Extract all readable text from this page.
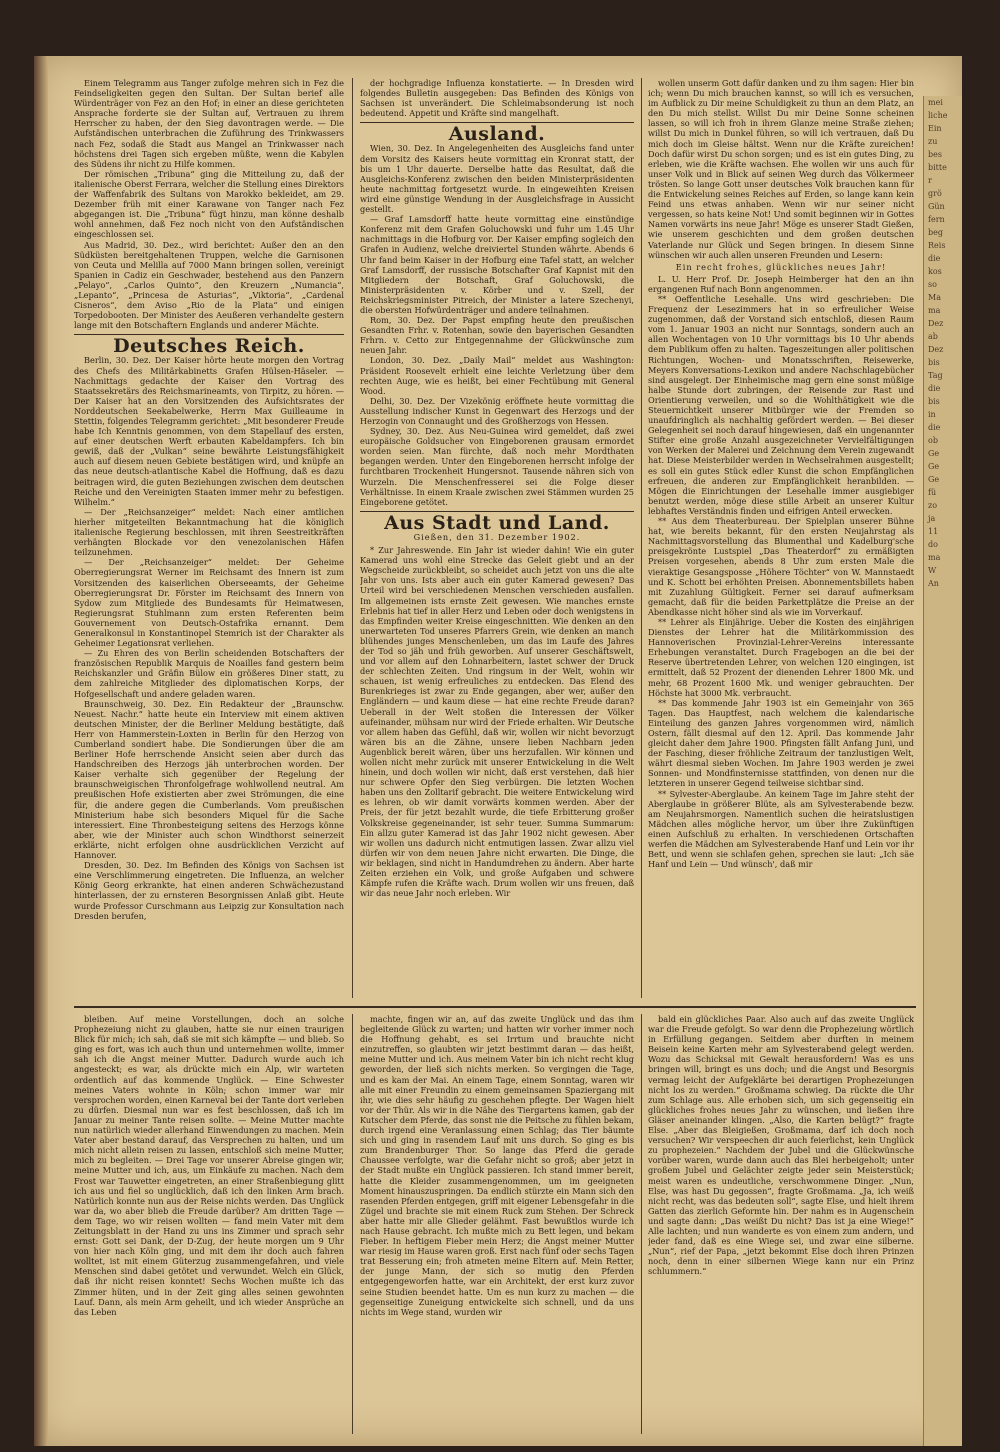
Einem Telegramm aus Tanger zufolge mehren sich in Fez die Feindseligkeiten gegen den Sultan. Der Sultan berief alle Würdenträger von Fez an den Hof; in einer an diese gerichteten Ansprache forderte sie der Sultan auf, Vertrauen zu ihrem Herrscher zu haben, der den Sieg davontragen werde. — Die Aufständischen unterbrachen die Zuführung des Trinkwassers nach Fez, sodaß die Stadt aus Mangel an Trinkwasser nach höchstens drei Tagen sich ergeben müßte, wenn die Kabylen des Südens ihr nicht zu Hilfe kommen.

Der römischen „Tribuna“ ging die Mitteilung zu, daß der italienische Oberst Ferrara, welcher die Stellung eines Direktors der Waffenfabrik des Sultans von Marokko bekleidet, am 29. Dezember früh mit einer Karawane von Tanger nach Fez abgegangen ist. Die „Tribuna“ fügt hinzu, man könne deshalb wohl annehmen, daß Fez noch nicht von den Aufständischen eingeschlossen sei.

Aus Madrid, 30. Dez., wird berichtet: Außer den an den Südküsten bereitgehaltenen Truppen, welche die Garnisonen von Ceuta und Melilla auf 7000 Mann bringen sollen, vereinigt Spanien in Cadiz ein Geschwader, bestehend aus den Panzern „Pelayo“, „Carlos Quinto“, den Kreuzern „Numancia“, „Lepanto“, „Princesa de Asturias“, „Viktoria“, „Cardenal Cisneros“, dem Aviso „Rio de la Plata“ und einigen Torpedobooten. Der Minister des Aeußeren verhandelte gestern lange mit den Botschaftern Englands und anderer Mächte.

Deutsches Reich.

Berlin, 30. Dez. Der Kaiser hörte heute morgen den Vortrag des Chefs des Militärkabinetts Grafen Hülsen-Häseler. — Nachmittags gedachte der Kaiser den Vortrag des Staatssekretärs des Reichsmarineamts, von Tirpitz, zu hören. — Der Kaiser hat an den Vorsitzenden des Aufsichtsrates der Norddeutschen Seekabelwerke, Herrn Max Guilleaume in Stettin, folgendes Telegramm gerichtet: „Mit besonderer Freude habe Ich Kenntnis genommen, von dem Stapellauf des ersten, auf einer deutschen Werft erbauten Kabeldampfers. Ich bin gewiß, daß der „Vulkan“ seine bewährte Leistungsfähigkeit auch auf diesem neuen Gebiete bestätigen wird, und knüpfe an das neue deutsch-atlantische Kabel die Hoffnung, daß es dazu beitragen wird, die guten Beziehungen zwischen dem deutschen Reiche und den Vereinigten Staaten immer mehr zu befestigen. Wilhelm.“

— Der „Reichsanzeiger“ meldet: Nach einer amtlichen hierher mitgeteilten Bekanntmachung hat die königlich italienische Regierung beschlossen, mit ihren Seestreitkräften verhängten Blockade vor den venezolanischen Häfen teilzunehmen.

— Der „Reichsanzeiger“ meldet: Der Geheime Oberregierungsrat Werner im Reichsamt des Innern ist zum Vorsitzenden des kaiserlichen Oberseeamts, der Geheime Oberregierungsrat Dr. Förster im Reichsamt des Innern von Sydow zum Mitgliede des Bundesamts für Heimatwesen, Regierungsrat Stuhlmann zum ersten Referenten beim Gouvernement von Deutsch-Ostafrika ernannt. Dem Generalkonsul in Konstantinopel Stemrich ist der Charakter als Geheimer Legationsrat verliehen.

— Zu Ehren des von Berlin scheidenden Botschafters der französischen Republik Marquis de Noailles fand gestern beim Reichskanzler und Gräfin Bülow ein größeres Diner statt, zu dem zahlreiche Mitglieder des diplomatischen Korps, der Hofgesellschaft und andere geladen waren.

Braunschweig, 30. Dez. Ein Redakteur der „Braunschw. Neuest. Nachr.“ hatte heute ein Interview mit einem aktiven deutschen Minister, der die Berliner Meldung bestätigte, daß Herr von Hammerstein-Loxten in Berlin für den Herzog von Cumberland sondiert habe. Die Sondierungen über die am Berliner Hofe herrschende Ansicht seien aber durch das Handschreiben des Herzogs jäh unterbrochen worden. Der Kaiser verhalte sich gegenüber der Regelung der braunschweigischen Thronfolgefrage wohlwollend neutral. Am preußischen Hofe existierten aber zwei Strömungen, die eine für, die andere gegen die Cumberlands. Vom preußischen Ministerium habe sich besonders Miquel für die Sache interessiert. Eine Thronbesteigung seitens des Herzogs könne aber, wie der Minister auch schon Windthorst seinerzeit erklärte, nicht erfolgen ohne ausdrücklichen Verzicht auf Hannover.

Dresden, 30. Dez. Im Befinden des Königs von Sachsen ist eine Verschlimmerung eingetreten. Die Influenza, an welcher König Georg erkrankte, hat einen anderen Schwächezustand hinterlassen, der zu ernsteren Besorgnissen Anlaß gibt. Heute wurde Professor Curschmann aus Leipzig zur Konsultation nach Dresden berufen,

der hochgradige Influenza konstatierte. — In Dresden wird folgendes Bulletin ausgegeben: Das Befinden des Königs von Sachsen ist unverändert. Die Schleimabsonderung ist noch bedeutend. Appetit und Kräfte sind mangelhaft.

Ausland.

Wien, 30. Dez. In Angelegenheiten des Ausgleichs fand unter dem Vorsitz des Kaisers heute vormittag ein Kronrat statt, der bis um 1 Uhr dauerte. Derselbe hatte das Resultat, daß die Ausgleichs-Konferenz zwischen den beiden Ministerpräsidenten heute nachmittag fortgesetzt wurde. In eingeweihten Kreisen wird eine günstige Wendung in der Ausgleichsfrage in Aussicht gestellt.

— Graf Lamsdorff hatte heute vormittag eine einstündige Konferenz mit dem Grafen Goluchowski und fuhr um 1.45 Uhr nachmittags in die Hofburg vor. Der Kaiser empfing sogleich den Grafen in Audienz, welche dreiviertel Stunden währte. Abends 6 Uhr fand beim Kaiser in der Hofburg eine Tafel statt, an welcher Graf Lamsdorff, der russische Botschafter Graf Kapnist mit den Mitgliedern der Botschaft, Graf Goluchowski, die Ministerpräsidenten v. Körber und v. Szell, der Reichskriegsminister Pitreich, der Minister a latere Szechenyi, die obersten Hofwürdenträger und andere teilnahmen.

Rom, 30. Dez. Der Papst empfing heute den preußischen Gesandten Frhr. v. Rotenhan, sowie den bayerischen Gesandten Frhrn. v. Cetto zur Entgegennahme der Glückwünsche zum neuen Jahr.

London, 30. Dez. „Daily Mail“ meldet aus Washington: Präsident Roosevelt erhielt eine leichte Verletzung über dem rechten Auge, wie es heißt, bei einer Fechtübung mit General Wood.

Delhi, 30. Dez. Der Vizekönig eröffnete heute vormittag die Ausstellung indischer Kunst in Gegenwart des Herzogs und der Herzogin von Connaught und des Großherzogs von Hessen.

Sydney, 30. Dez. Aus Neu-Guinea wird gemeldet, daß zwei europäische Goldsucher von Eingeborenen grausam ermordet worden seien. Man fürchte, daß noch mehr Mordthaten begangen werden. Unter den Eingeborenen herrscht infolge der furchtbaren Trockenheit Hungersnot. Tausende nähren sich von Wurzeln. Die Menschenfresserei sei die Folge dieser Verhältnisse. In einem Kraale zwischen zwei Stämmen wurden 25 Eingeborene getötet.

Aus Stadt und Land.
Gießen, den 31. Dezember 1902.

* Zur Jahreswende. Ein Jahr ist wieder dahin! Wie ein guter Kamerad uns wohl eine Strecke das Geleit giebt und an der Wegscheide zurückbleibt, so scheidet auch jetzt von uns die alte Jahr von uns. Ists aber auch ein guter Kamerad gewesen? Das Urteil wird bei verschiedenen Menschen verschieden ausfallen. Im allgemeinen ists ernste Zeit gewesen. Wie manches ernste Erlebnis hat tief in aller Herz und Leben oder doch wenigstens in das Empfinden weiter Kreise eingeschnitten. Wie denken an den unerwarteten Tod unseres Pfarrers Grein, wie denken an manch blühendes junges Menschenleben, um das im Laufe des Jahres der Tod so jäh und früh geworben. Auf unserer Geschäftswelt, und vor allem auf den Lohnarbeitern, lastet schwer der Druck der schlechten Zeiten. Und ringsum in der Welt, wohin wir schauen, ist wenig erfreuliches zu entdecken. Das Elend des Burenkrieges ist zwar zu Ende gegangen, aber wer, außer den Engländern — und kaum diese — hat eine rechte Freude daran? Ueberall in der Welt stoßen die Interessen der Völker aufeinander, mühsam nur wird der Friede erhalten. Wir Deutsche vor allem haben das Gefühl, daß wir, wollen wir nicht bevorzugt wären bis an die Zähne, unsere lieben Nachbarn jeden Augenblick bereit wären, über uns herzufallen. Wir können und wollen nicht mehr zurück mit unserer Entwickelung in die Welt hinein, und doch wollen wir nicht, daß erst verstehen, daß hier nur schwere Opfer den Sieg verbürgen. Die letzten Wochen haben uns den Zolltarif gebracht. Die weitere Entwickelung wird es lehren, ob wir damit vorwärts kommen werden. Aber der Preis, der für jetzt bezahlt wurde, die tiefe Erbitterung großer Volkskreise gegeneinander, ist sehr teuer. Summa Summarum: Ein allzu guter Kamerad ist das Jahr 1902 nicht gewesen. Aber wir wollen uns dadurch nicht entmutigen lassen. Zwar allzu viel dürfen wir von dem neuen Jahre nicht erwarten. Die Dinge, die wir beklagen, sind nicht in Handumdrehen zu ändern. Aber harte Zeiten erziehen ein Volk, und große Aufgaben und schwere Kämpfe rufen die Kräfte wach. Drum wollen wir uns freuen, daß wir das neue Jahr noch erleben. Wir

wollen unserm Gott dafür danken und zu ihm sagen: Hier bin ich; wenn Du mich brauchen kannst, so will ich es versuchen, im Aufblick zu Dir meine Schuldigkeit zu thun an dem Platz, an den Du mich stellst. Willst Du mir Deine Sonne scheinen lassen, so will ich froh in ihrem Glanze meine Straße ziehen; willst Du mich in Dunkel führen, so will ich vertrauen, daß Du mich doch im Gleise hältst. Wenn nur die Kräfte zureichen! Doch dafür wirst Du schon sorgen; und es ist ein gutes Ding, zu erleben, wie die Kräfte wachsen. Ehe wollen wir uns auch für unser Volk und in Blick auf seinen Weg durch das Völkermeer trösten. So lange Gott unser deutsches Volk brauchen kann für die Entwickelung seines Reiches auf Erden, so lange kann kein Feind uns etwas anhaben. Wenn wir nur seiner nicht vergessen, so hats keine Not! Und somit beginnen wir in Gottes Namen vorwärts ins neue Jahr! Möge es unserer Stadt Gießen, wie unserem geschichten und dem großen deutschen Vaterlande nur Glück und Segen bringen. In diesem Sinne wünschen wir auch allen unseren Freunden und Lesern:

Ein recht frohes, glückliches neues Jahr!

L. U. Herr Prof. Dr. Joseph Heimberger hat den an ihn ergangenen Ruf nach Bonn angenommen.

** Oeffentliche Lesehalle. Uns wird geschrieben: Die Frequenz der Lesezimmers hat in so erfreulicher Weise zugenommen, daß der Vorstand sich entschloß, diesen Raum vom 1. Januar 1903 an nicht nur Sonntags, sondern auch an allen Wochentagen von 10 Uhr vormittags bis 10 Uhr abends dem Publikum offen zu halten. Tageszeitungen aller politischen Richtungen, Wochen- und Monatsschriften, Reisewerke, Meyers Konversations-Lexikon und andere Nachschlagebücher sind ausgelegt. Der Einheimische mag gern eine sonst müßige halbe Stunde dort zubringen, der Reisende zur Rast und Orientierung verweilen, und so die Wohlthätigkeit wie die Steuernichtkeit unserer Mitbürger wie der Fremden so unaufdringlich als nachhaltig gefördert werden. — Bei dieser Gelegenheit sei noch darauf hingewiesen, daß ein ungenannter Stifter eine große Anzahl ausgezeichneter Vervielfältigungen von Werken der Malerei und Zeichnung dem Verein zugewandt hat. Diese Meisterbilder werden in Wechselrahmen ausgestellt; es soll ein gutes Stück edler Kunst die schon Empfänglichen erfreuen, die anderen zur Empfänglichkeit heranbilden. — Mögen die Einrichtungen der Lesehalle immer ausgiebiger benutzt werden, möge diese stille Arbeit an unserer Kultur lebhaftes Verständnis finden und eifrigen Anteil erwecken.

** Aus dem Theaterbureau. Der Spielplan unserer Bühne hat, wie bereits bekannt, für den ersten Neujahrstag als Nachmittagsvorstellung das Blumenthal und Kadelburg'sche preisgekrönte Lustspiel „Das Theaterdorf“ zu ermäßigten Preisen vorgesehen, abends 8 Uhr zum ersten Male die vieraktige Gesangsposse „Höhere Töchter“ von W. Mannstaedt und K. Schott bei erhöhten Preisen. Abonnementsbillets haben mit Zuzahlung Gültigkeit. Ferner sei darauf aufmerksam gemacht, daß für die beiden Parkettplätze die Preise an der Abendkasse nicht höher sind als wie im Vorverkauf.

** Lehrer als Einjährige. Ueber die Kosten des einjährigen Dienstes der Lehrer hat die Militärkommission des Hannoverischen Provinzial-Lehrer-Vereins interessante Erhebungen veranstaltet. Durch Fragebogen an die bei der Reserve übertretenden Lehrer, von welchen 120 eingingen, ist ermittelt, daß 52 Prozent der dienenden Lehrer 1800 Mk. und mehr, 68 Prozent 1600 Mk. und weniger gebrauchten. Der Höchste hat 3000 Mk. verbraucht.

** Das kommende Jahr 1903 ist ein Gemeinjahr von 365 Tagen. Das Hauptfest, nach welchem die kalendarische Einteilung des ganzen Jahres vorgenommen wird, nämlich Ostern, fällt diesmal auf den 12. April. Das kommende Jahr gleicht daher dem Jahre 1900. Pfingsten fällt Anfang Juni, und der Fasching, dieser fröhliche Zeitraum der tanzlustigen Welt, währt diesmal sieben Wochen. Im Jahre 1903 werden je zwei Sonnen- und Mondfinsternisse stattfinden, von denen nur die letzteren in unserer Gegend teilweise sichtbar sind.

** Sylvester-Aberglaube. An keinem Tage im Jahre steht der Aberglaube in größerer Blüte, als am Sylvesterabende bezw. am Neujahrsmorgen. Namentlich suchen die heiratslustigen Mädchen alles mögliche hervor, um über ihre Zukünftigen einen Aufschluß zu erhalten. In verschiedenen Ortschaften werfen die Mädchen am Sylvesterabende Hanf und Lein vor ihr Bett, und wenn sie schlafen gehen, sprechen sie laut: „Ich säe Hanf und Lein — Und wünsch', daß mir

bleiben. Auf meine Vorstellungen, doch an solche Prophezeiung nicht zu glauben, hatte sie nur einen traurigen Blick für mich; ich sah, daß sie mit sich kämpfte — und blieb. So ging es fort, was ich auch thun und unternehmen wollte, immer sah ich die Angst meiner Mutter. Dadurch wurde auch ich angesteckt; es war, als drückte mich ein Alp, wir warteten ordentlich auf das kommende Unglück. — Eine Schwester meines Vaters wohnte in Köln; schon immer war mir versprochen worden, einen Karneval bei der Tante dort verleben zu dürfen. Diesmal nun war es fest beschlossen, daß ich im Januar zu meiner Tante reisen sollte. — Meine Mutter machte nun natürlich wieder allerhand Einwendungen zu machen. Mein Vater aber bestand darauf, das Versprechen zu halten, und um mich nicht allein reisen zu lassen, entschloß sich meine Mutter, mich zu begleiten. — Drei Tage vor unserer Abreise gingen wir, meine Mutter und ich, aus, um Einkäufe zu machen. Nach dem Frost war Tauwetter eingetreten, an einer Straßenbiegung glitt ich aus und fiel so unglücklich, daß ich den linken Arm brach. Natürlich konnte nun aus der Reise nichts werden. Das Unglück war da, wo aber blieb die Freude darüber? Am dritten Tage — dem Tage, wo wir reisen wollten — fand mein Vater mit dem Zeitungsblatt in der Hand zu uns ins Zimmer und sprach sehr ernst: Gott sei Dank, der D-Zug, der heute morgen um 9 Uhr von hier nach Köln ging, und mit dem ihr doch auch fahren wolltet, ist mit einem Güterzug zusammengefahren, und viele Menschen sind dabei getötet und verwundet. Welch ein Glück, daß ihr nicht reisen konntet! Sechs Wochen mußte ich das Zimmer hüten, und in der Zeit ging alles seinen gewohnten Lauf. Dann, als mein Arm geheilt, und ich wieder Ansprüche an das Leben

machte, fingen wir an, auf das zweite Unglück und das ihm begleitende Glück zu warten; und hatten wir vorher immer noch die Hoffnung gehabt, es sei Irrtum und brauchte nicht einzutreffen, so glaubten wir jetzt bestimmt daran — das heißt, meine Mutter und ich. Aus meinem Vater bin ich nicht recht klug geworden, der ließ sich nichts merken. So vergingen die Tage, und es kam der Mai. An einem Tage, einem Sonntag, waren wir alle mit einer Freundin zu einem gemeinsamen Spaziergang mit ihr, wie dies sehr häufig zu geschehen pflegte. Der Wagen hielt vor der Thür. Als wir in die Nähe des Tiergartens kamen, gab der Kutscher dem Pferde, das sonst nie die Peitsche zu fühlen bekam, durch irgend eine Veranlassung einen Schlag; das Tier bäumte sich und ging in rasendem Lauf mit uns durch. So ging es bis zum Brandenburger Thor. So lange das Pferd die gerade Chaussee verfolgte, war die Gefahr nicht so groß; aber jetzt in der Stadt mußte ein Unglück passieren. Ich stand immer bereit, hatte die Kleider zusammengenommen, um im geeigneten Moment hinauszuspringen. Da endlich stürzte ein Mann sich den rasenden Pferden entgegen, griff mit eigener Lebensgefahr in die Zügel und brachte sie mit einem Ruck zum Stehen. Der Schreck aber hatte mir alle Glieder gelähmt. Fast bewußtlos wurde ich nach Hause gebracht. Ich mußte mich zu Bett legen, und bekam Fieber. In heftigem Fieber mein Herz; die Angst meiner Mutter war riesig im Hause waren groß. Erst nach fünf oder sechs Tagen trat Besserung ein; froh atmeten meine Eltern auf. Mein Retter, der junge Mann, der sich so mutig den Pferden entgegengeworfen hatte, war ein Architekt, der erst kurz zuvor seine Studien beendet hatte. Um es nun kurz zu machen — die gegenseitige Zuneigung entwickelte sich schnell, und da uns nichts im Wege stand, wurden wir

bald ein glückliches Paar. Also auch auf das zweite Unglück war die Freude gefolgt. So war denn die Prophezeiung wörtlich in Erfüllung gegangen. Seitdem aber durften in meinem Beisein keine Karten mehr am Sylvesterabend gelegt werden. Wozu das Schicksal mit Gewalt herausfordern! Was es uns bringen will, bringt es uns doch; und die Angst und Besorgnis vermag leicht der Aufgeklärte bei derartigen Prophezeiungen nicht los zu werden.“ Großmama schwieg. Da rückte die Uhr zum Schlage aus. Alle erhoben sich, um sich gegenseitig ein glückliches frohes neues Jahr zu wünschen, und ließen ihre Gläser aneinander klingen. „Also, die Karten belügt?“ fragte Else. „Aber das Bleigießen, Großmama, darf ich doch noch versuchen? Wir verspeechen dir auch feierlichst, kein Unglück zu prophezeien.“ Nachdem der Jubel und die Glückwünsche vorüber waren, wurde dann auch das Blei herbeigeholt; unter großem Jubel und Gelächter zeigte jeder sein Meisterstück; meist waren es undeutliche, verschwommene Dinger. „Nun, Else, was hast Du gegossen“, fragte Großmama. „Ja, ich weiß nicht recht, was das bedeuten soll“, sagte Else, und hielt ihrem Gatten das zierlich Geformte hin. Der nahm es in Augenschein und sagte dann: „Das weißt Du nicht? Das ist ja eine Wiege!“ Alle lachten; und nun wanderte es von einem zum andern, und jeder fand, daß es eine Wiege sei, und zwar eine silberne. „Nun“, rief der Papa, „jetzt bekommt Else doch ihren Prinzen noch, denn in einer silbernen Wiege kann nur ein Prinz schlummern.“

mei
liche
Ein
zu
bes
bitte
r
grö
Gün
fern
beg
Reis
die
kos
so
Ma
ma
Dez
ab
Dez
bis
Tag
die
bis
in
die
ob
Ge
Ge
Ge
fü
zo
ja
11
do
ma
W
An
